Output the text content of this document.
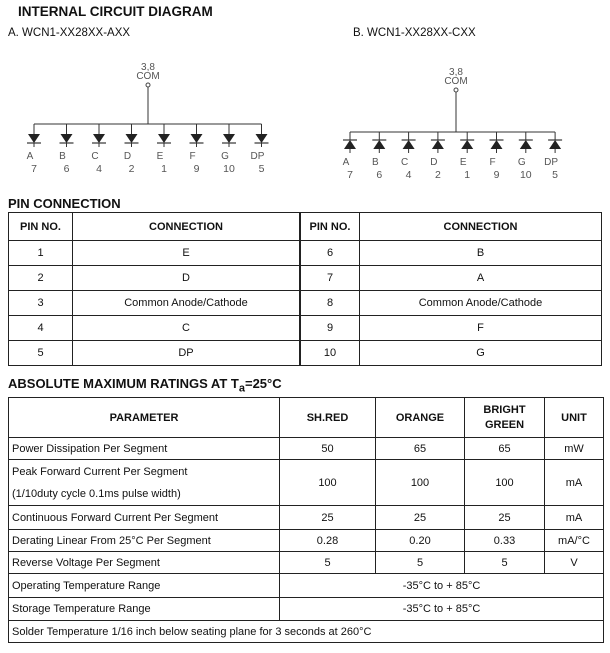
INTERNAL CIRCUIT DIAGRAM
A. WCN1-XX28XX-AXX	B. WCN1-XX28XX-CXX
3,8
COM
A
7
B
6
C
4
D
2
E
1
F
9
G
10
DP
5
3,8
COM
A
7
B
6
C
4
D
2
E
1
F
9
G
10
DP
5
PIN CONNECTION
PIN NO.	CONNECTION
1	E
2	D
3	Common Anode/Cathode
4	C
5	DP
PIN NO.	CONNECTION
6	B
7	A
8	Common Anode/Cathode
9	F
10	G
ABSOLUTE MAXIMUM RATINGS AT $T_a=25^\circ C$
PARAMETER	SH.RED	ORANGE	BRIGHT GREEN	UNIT
Power Dissipation Per Segment	50	65	65	mW

Peak Forward Current Per Segment
(1/10duty cycle 0.1ms pulse width)	100	100	100	mA
Continuous Forward Current Per Segment	25	25	25	mA
Derating Linear From 25°C Per Segment	0.28	0.20	0.33	mA/°C
Reverse Voltage Per Segment	5	5	5	V
Operating Temperature Range	-35°C to + 85°C			
Storage Temperature Range	-35°C to + 85°C			
Solder Temperature 1/16 inch below seating plane for 3 seconds at 260°C				
